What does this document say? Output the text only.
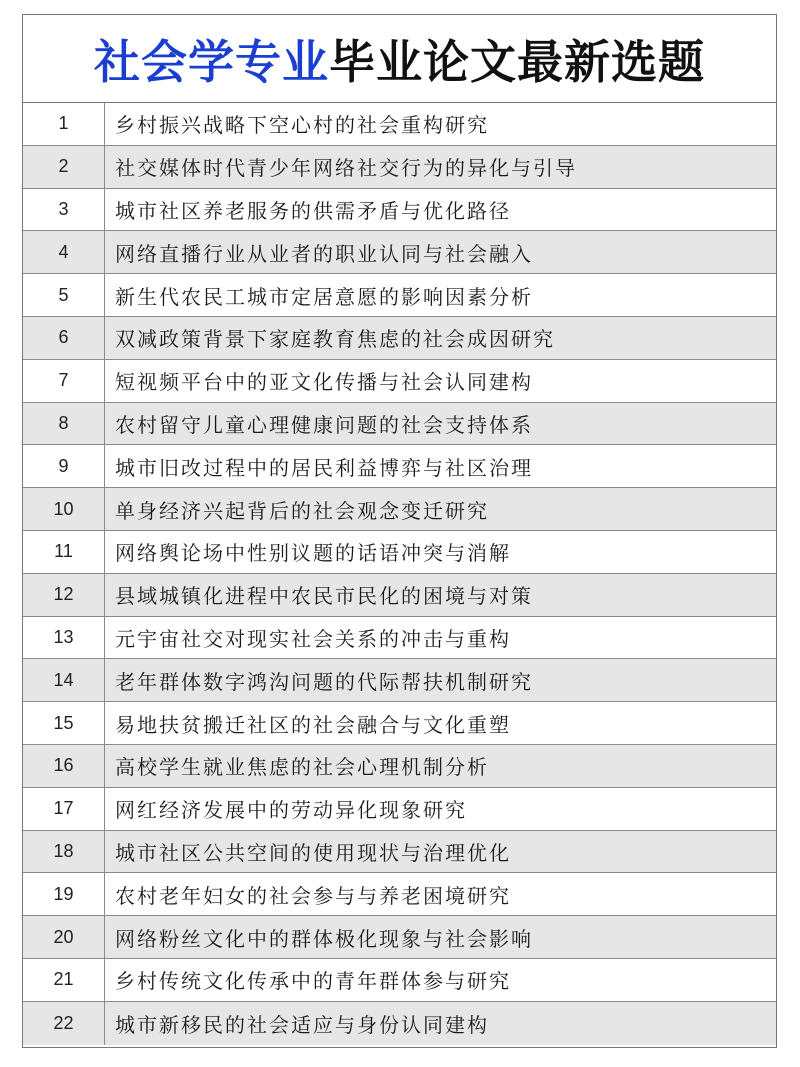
社会学专业毕业论文最新选题
1	乡村振兴战略下空心村的社会重构研究
2	社交媒体时代青少年网络社交行为的异化与引导
3	城市社区养老服务的供需矛盾与优化路径
4	网络直播行业从业者的职业认同与社会融入
5	新生代农民工城市定居意愿的影响因素分析
6	双减政策背景下家庭教育焦虑的社会成因研究
7	短视频平台中的亚文化传播与社会认同建构
8	农村留守儿童心理健康问题的社会支持体系
9	城市旧改过程中的居民利益博弈与社区治理
10	单身经济兴起背后的社会观念变迁研究
11	网络舆论场中性别议题的话语冲突与消解
12	县域城镇化进程中农民市民化的困境与对策
13	元宇宙社交对现实社会关系的冲击与重构
14	老年群体数字鸿沟问题的代际帮扶机制研究
15	易地扶贫搬迁社区的社会融合与文化重塑
16	高校学生就业焦虑的社会心理机制分析
17	网红经济发展中的劳动异化现象研究
18	城市社区公共空间的使用现状与治理优化
19	农村老年妇女的社会参与与养老困境研究
20	网络粉丝文化中的群体极化现象与社会影响
21	乡村传统文化传承中的青年群体参与研究
22	城市新移民的社会适应与身份认同建构
